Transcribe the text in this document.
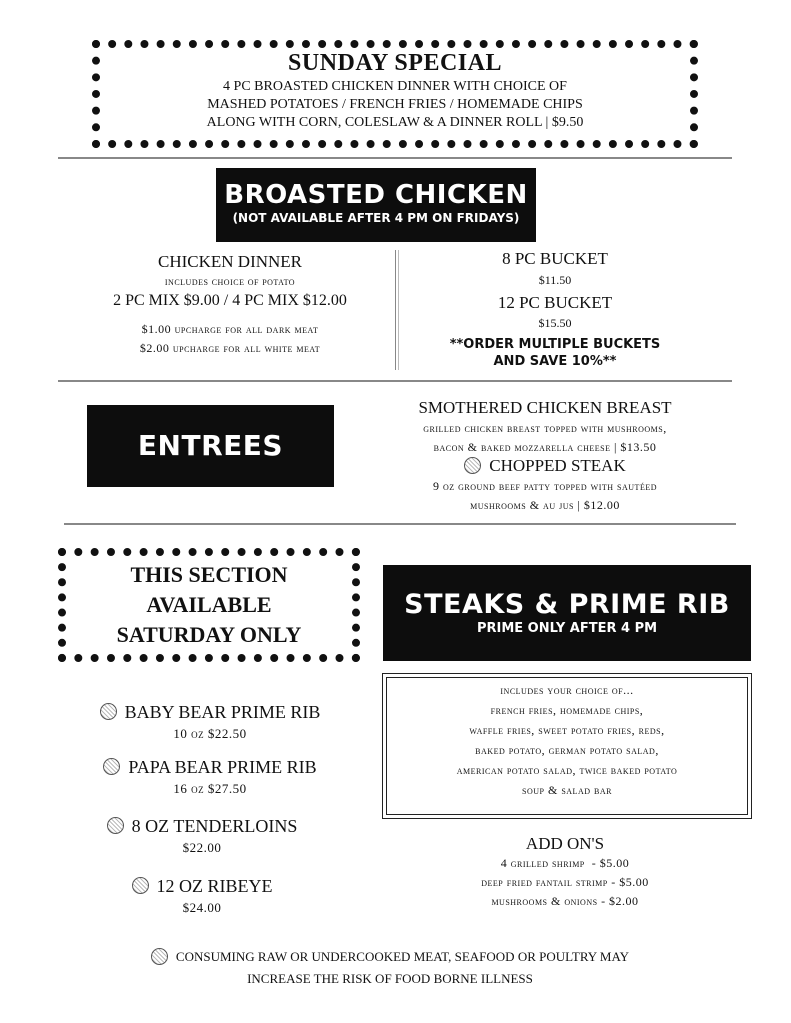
SUNDAY SPECIAL
4 PC BROASTED CHICKEN DINNER WITH CHOICE OF
MASHED POTATOES / FRENCH FRIES / HOMEMADE CHIPS
ALONG WITH CORN, COLESLAW & A DINNER ROLL | $9.50
BROASTED CHICKEN
(NOT AVAILABLE AFTER 4 PM ON FRIDAYS)
CHICKEN DINNER
includes choice of potato
2 PC MIX $9.00 / 4 PC MIX $12.00
$1.00 upcharge for all dark meat
$2.00 upcharge for all white meat
8 PC BUCKET
$11.50
12 PC BUCKET
$15.50
**ORDER MULTIPLE BUCKETS
AND SAVE 10%**
ENTREES
SMOTHERED CHICKEN BREAST
grilled chicken breast topped with mushrooms,
bacon & baked mozzarella cheese | $13.50
CHOPPED STEAK
9 oz ground beef patty topped with sautéed
mushrooms & au jus | $12.00
THIS SECTION
AVAILABLE
SATURDAY ONLY
STEAKS & PRIME RIB
PRIME ONLY AFTER 4 PM
BABY BEAR PRIME RIB
10 oz $22.50
PAPA BEAR PRIME RIB
16 oz $27.50
8 OZ TENDERLOINS
$22.00
12 OZ RIBEYE
$24.00
includes your choice of...
french fries, homemade chips,
waffle fries, sweet potato fries, reds,
baked potato, german potato salad,
american potato salad, twice baked potato
soup & salad bar
ADD ON'S
4 grilled shrimp  - $5.00
deep fried fantail strimp - $5.00
mushrooms & onions - $2.00
CONSUMING RAW OR UNDERCOOKED MEAT, SEAFOOD OR POULTRY MAY
INCREASE THE RISK OF FOOD BORNE ILLNESS
